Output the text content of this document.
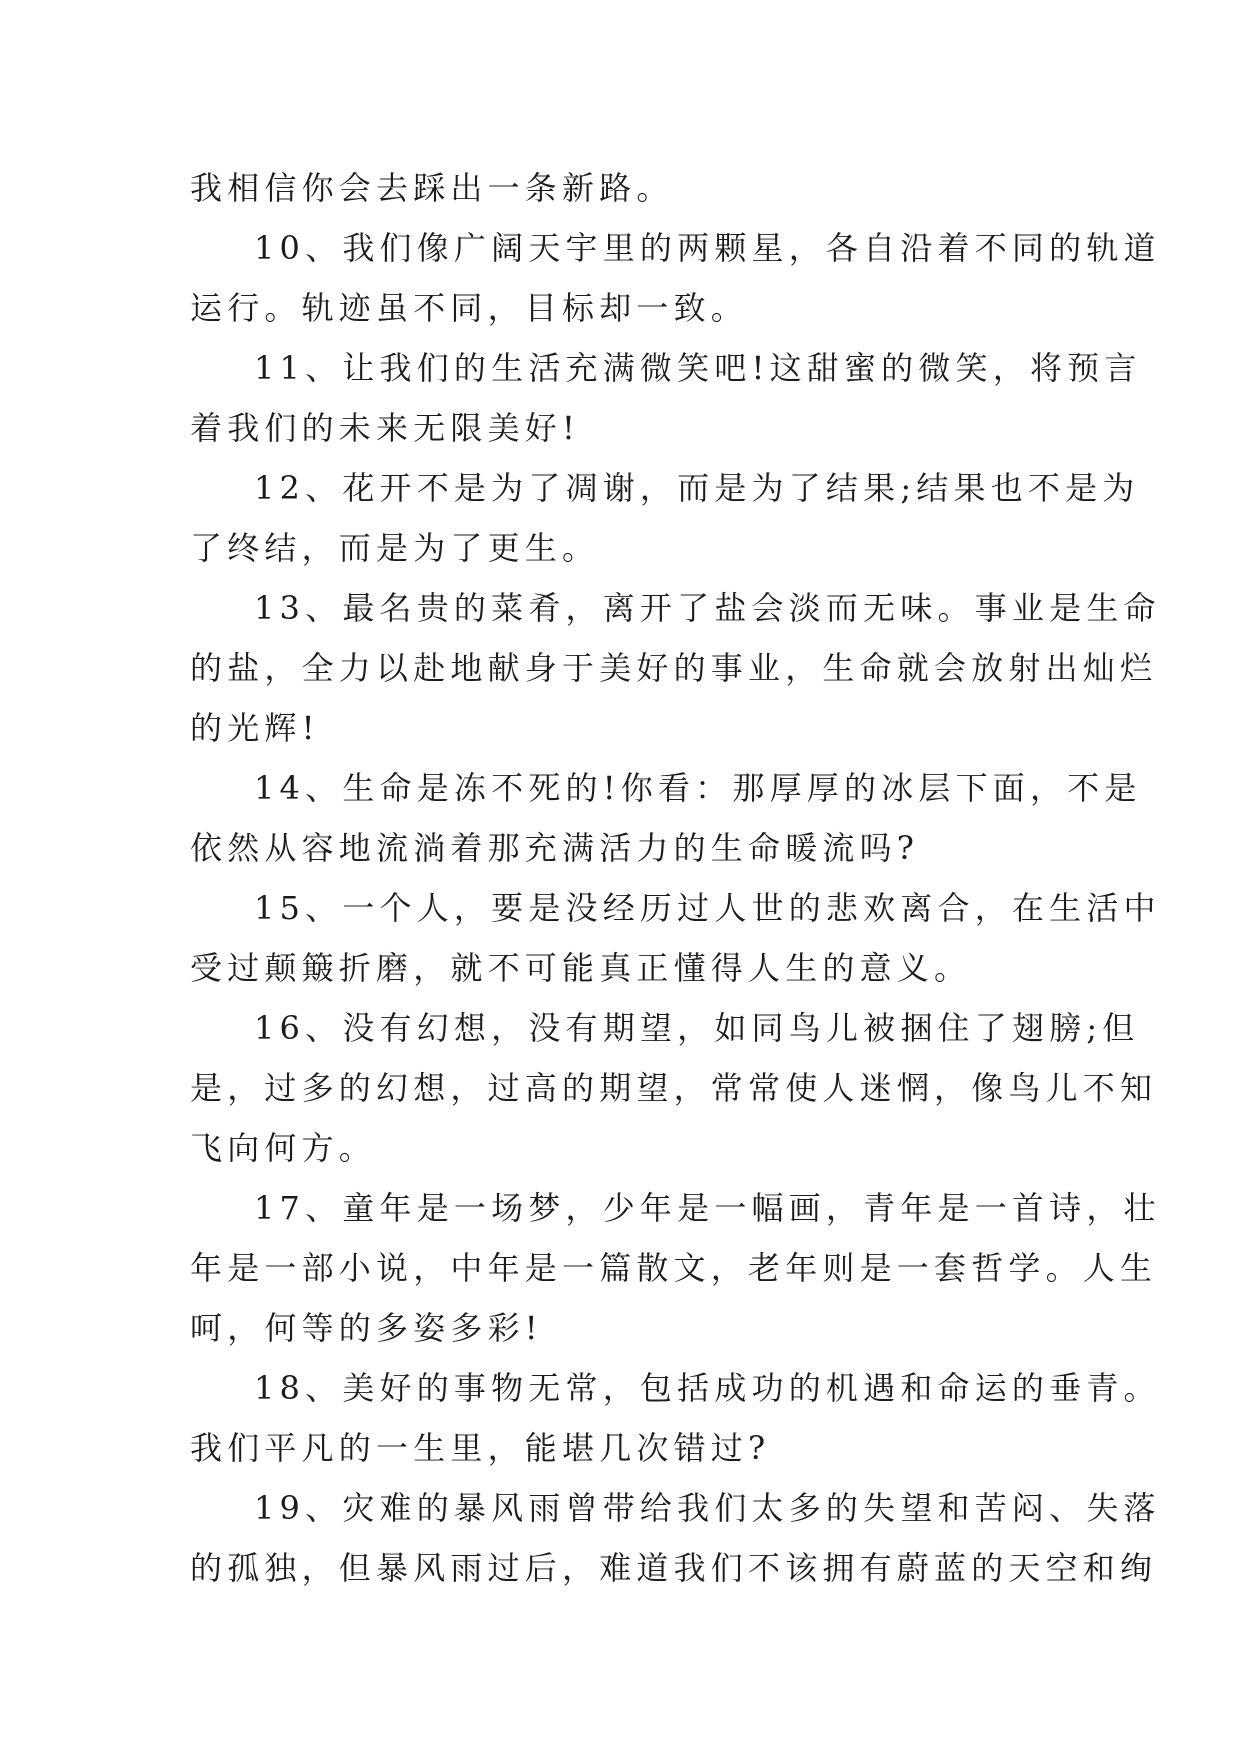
我相信你会去踩出一条新路。
10、我们像广阔天宇里的两颗星，各自沿着不同的轨道
运行。轨迹虽不同，目标却一致。
11、让我们的生活充满微笑吧!这甜蜜的微笑，将预言
着我们的未来无限美好!
12、花开不是为了凋谢，而是为了结果;结果也不是为
了终结，而是为了更生。
13、最名贵的菜肴，离开了盐会淡而无味。事业是生命
的盐，全力以赴地献身于美好的事业，生命就会放射出灿烂
的光辉!
14、生命是冻不死的!你看：那厚厚的冰层下面，不是
依然从容地流淌着那充满活力的生命暖流吗?
15、一个人，要是没经历过人世的悲欢离合，在生活中
受过颠簸折磨，就不可能真正懂得人生的意义。
16、没有幻想，没有期望，如同鸟儿被捆住了翅膀;但
是，过多的幻想，过高的期望，常常使人迷惘，像鸟儿不知
飞向何方。
17、童年是一场梦，少年是一幅画，青年是一首诗，壮
年是一部小说，中年是一篇散文，老年则是一套哲学。人生
呵，何等的多姿多彩!
18、美好的事物无常，包括成功的机遇和命运的垂青。
我们平凡的一生里，能堪几次错过?
19、灾难的暴风雨曾带给我们太多的失望和苦闷、失落
的孤独，但暴风雨过后，难道我们不该拥有蔚蓝的天空和绚
